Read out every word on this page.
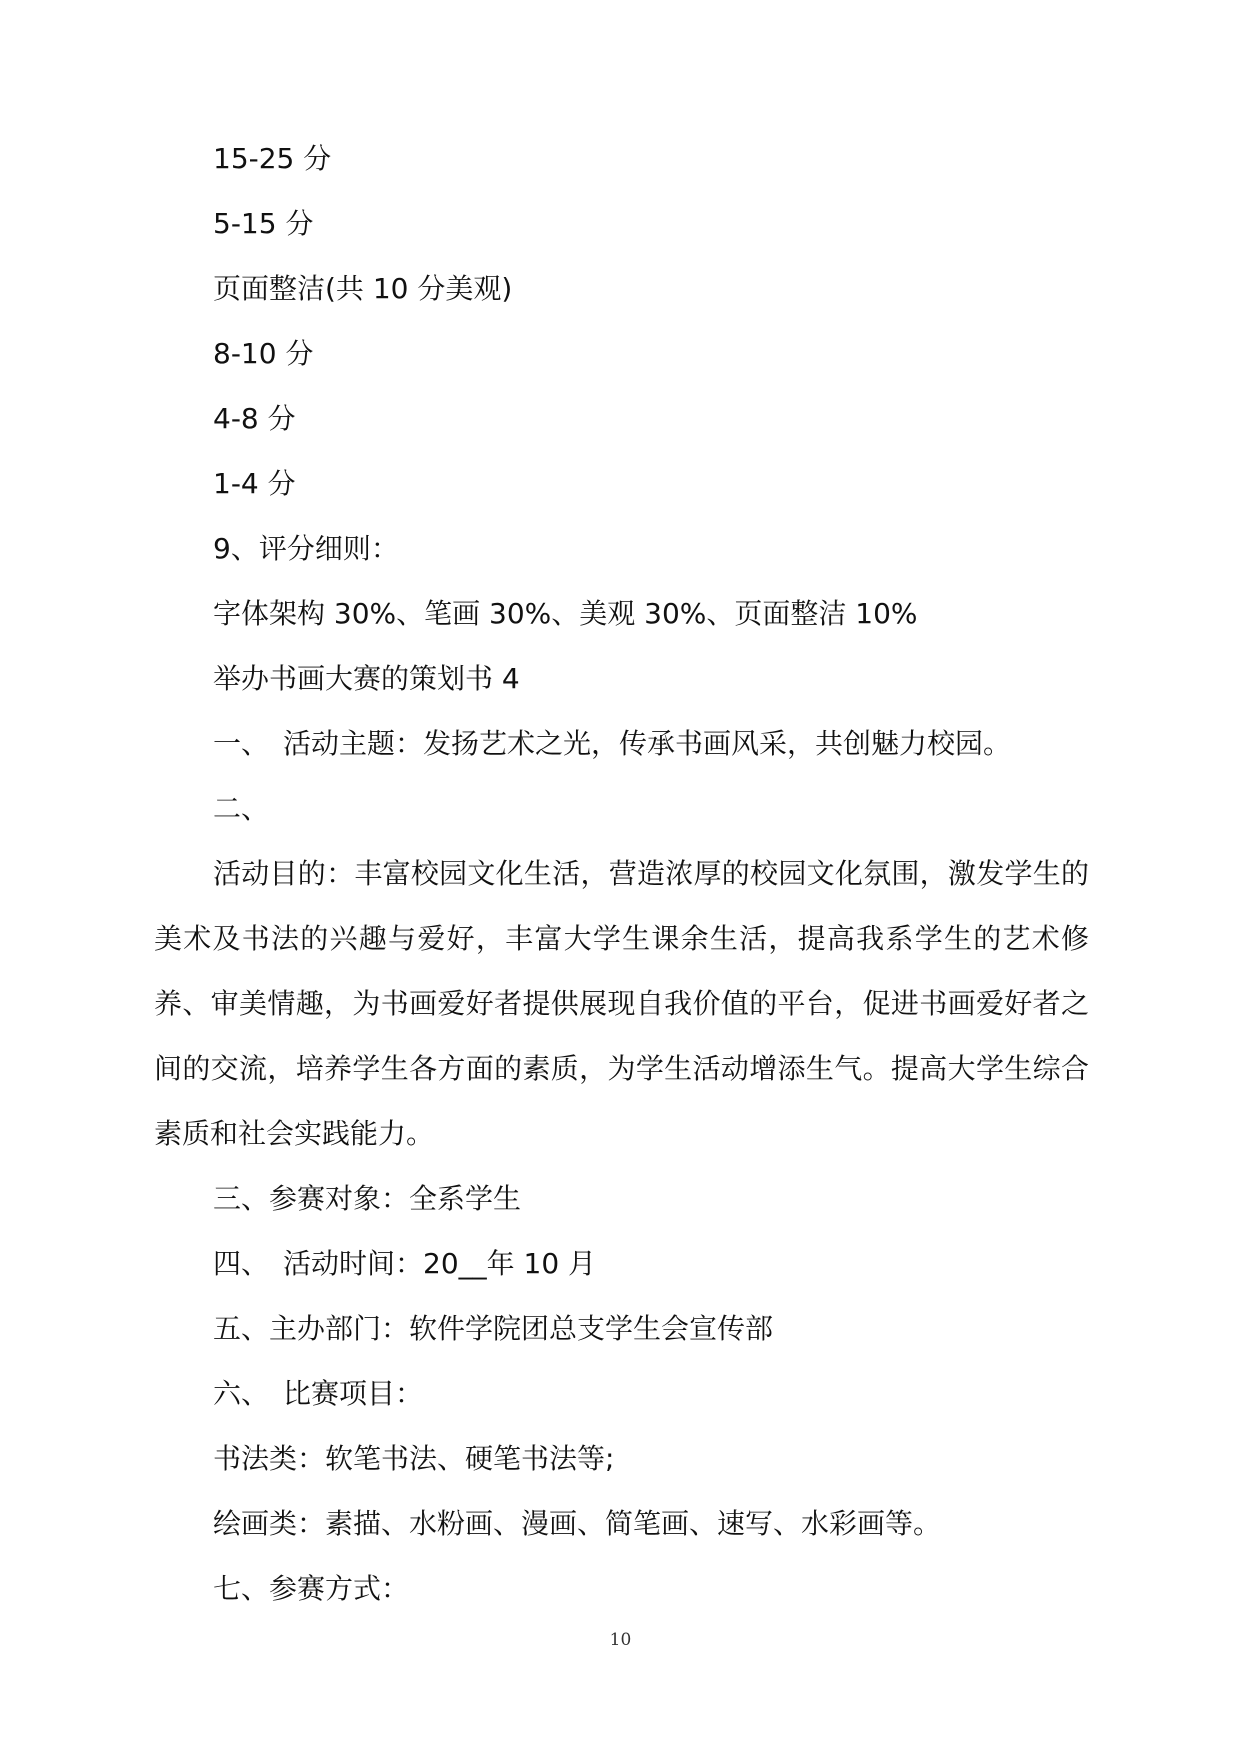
15-25 分
5-15 分
页面整洁(共 10 分美观)
8-10 分
4-8 分
1-4 分
9、评分细则：
字体架构 30%、笔画 30%、美观 30%、页面整洁 10%
举办书画大赛的策划书 4
一、　活动主题：发扬艺术之光，传承书画风采，共创魅力校园。
二、

活动目的：丰富校园文化生活，营造浓厚的校园文化氛围，激发学生的美术及书法的兴趣与爱好，丰富大学生课余生活，提高我系学生的艺术修养、审美情趣，为书画爱好者提供展现自我价值的平台，促进书画爱好者之间的交流，培养学生各方面的素质，为学生活动增添生气。提高大学生综合素质和社会实践能力。

三、参赛对象：全系学生
四、　活动时间：20__年 10 月
五、主办部门：软件学院团总支学生会宣传部
六、　比赛项目：
书法类：软笔书法、硬笔书法等;
绘画类：素描、水粉画、漫画、简笔画、速写、水彩画等。
七、参赛方式：
10
